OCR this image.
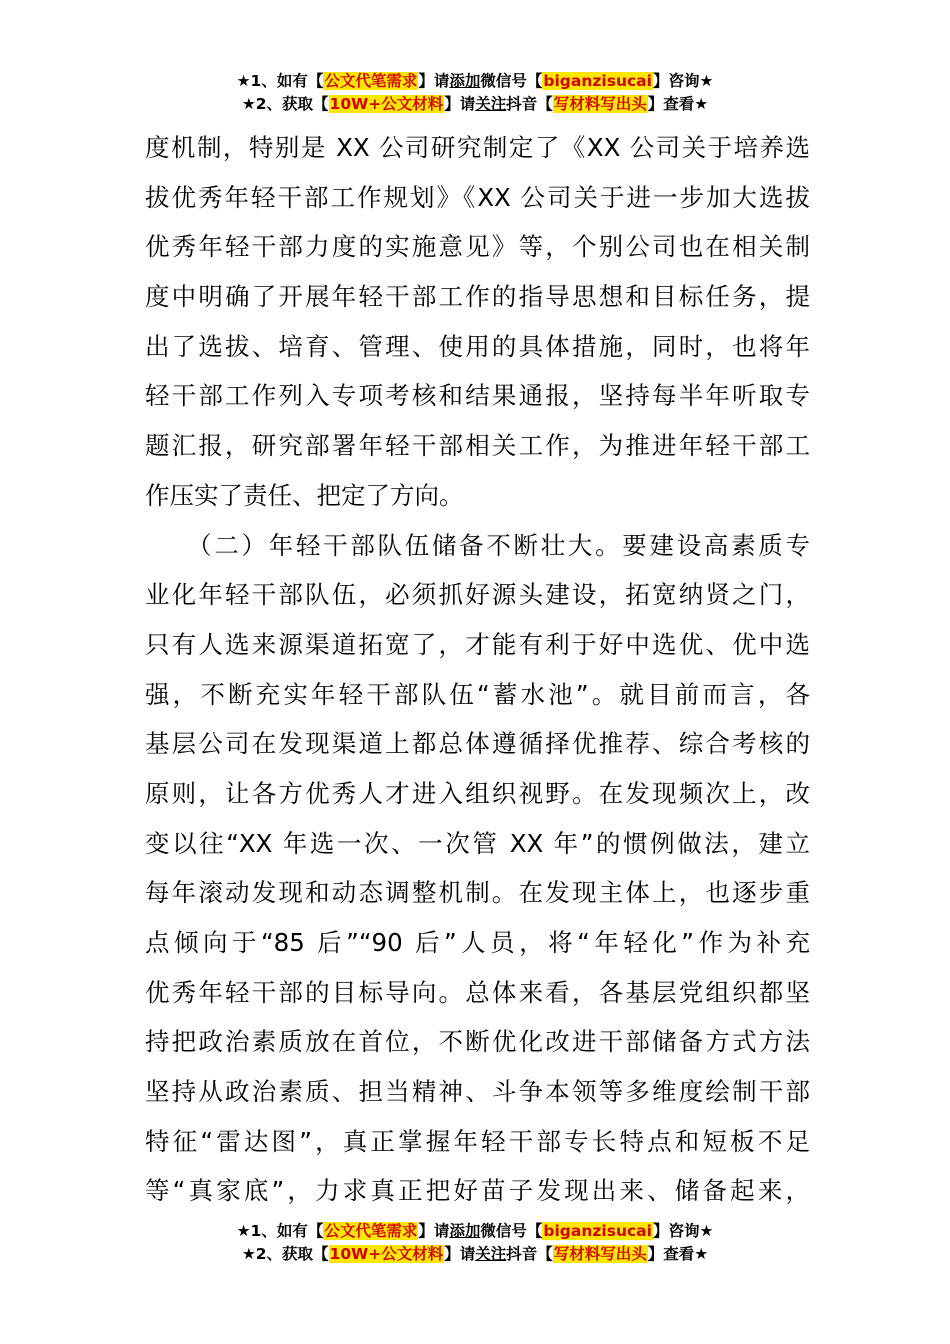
★1、如有【公文代笔需求】请添加微信号【biganzisucai】咨询★
★2、获取【10W+公文材料】请关注抖音【写材料写出头】查看★
度机制，特别是 XX 公司研究制定了《XX 公司关于培养选
拔优秀年轻干部工作规划》《XX 公司关于进一步加大选拔
优秀年轻干部力度的实施意见》等，个别公司也在相关制
度中明确了开展年轻干部工作的指导思想和目标任务，提
出了选拔、培育、管理、使用的具体措施，同时，也将年
轻干部工作列入专项考核和结果通报，坚持每半年听取专
题汇报，研究部署年轻干部相关工作，为推进年轻干部工
作压实了责任、把定了方向。
　　（二）年轻干部队伍储备不断壮大。要建设高素质专
业化年轻干部队伍，必须抓好源头建设，拓宽纳贤之门，
只有人选来源渠道拓宽了，才能有利于好中选优、优中选
强，不断充实年轻干部队伍“蓄水池”。就目前而言，各
基层公司在发现渠道上都总体遵循择优推荐、综合考核的
原则，让各方优秀人才进入组织视野。在发现频次上，改
变以往“XX 年选一次、一次管 XX 年”的惯例做法，建立
每年滚动发现和动态调整机制。在发现主体上，也逐步重
点倾向于“85 后”“90 后”人员，将“年轻化”作为补充
优秀年轻干部的目标导向。总体来看，各基层党组织都坚
持把政治素质放在首位，不断优化改进干部储备方式方法
坚持从政治素质、担当精神、斗争本领等多维度绘制干部
特征“雷达图”，真正掌握年轻干部专长特点和短板不足
等“真家底”，力求真正把好苗子发现出来、储备起来，
★1、如有【公文代笔需求】请添加微信号【biganzisucai】咨询★
★2、获取【10W+公文材料】请关注抖音【写材料写出头】查看★
